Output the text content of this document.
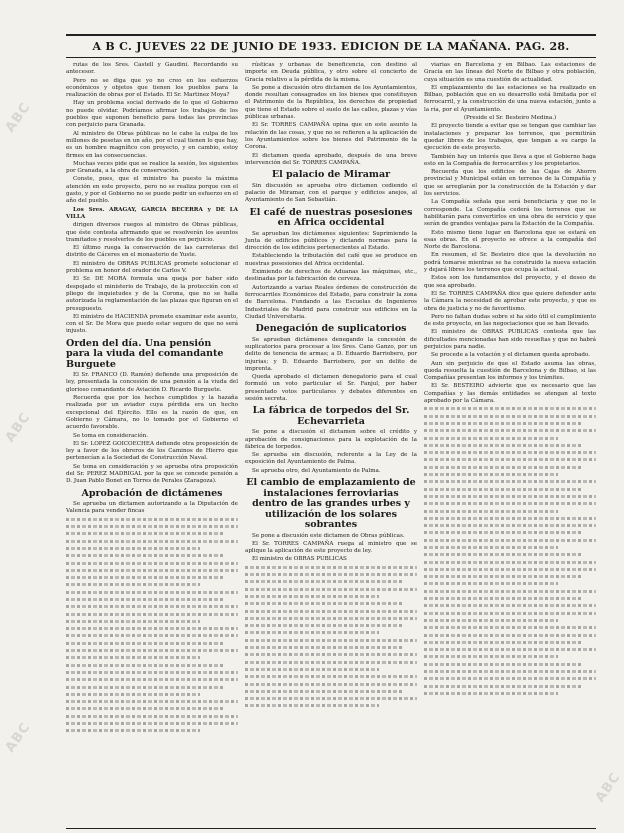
ABC
ABC
ABC
ABC
A B C. JUEVES 22 DE JUNIO DE 1933. EDICION DE LA MAÑANA. PAG. 28.

rutas de los Sres. Castell y Gaudini. Recordando su antecesor.

Pero no se diga que yo no creo en los esfuerzos económicos y objetos que tienen los pueblos para la realización de obras por el Estado. El Sr. Martinez Moya?

Hay un problema social derivado de lo que el Gobierno no puede olvidar. Podríamos afirmar los trabajos de los pueblos que suponen beneficio para todas las provincias con perjuicio para Granada.

Al ministro de Obras públicas no le cabe la culpa de los millones de pesetas en un año, por el cual tienen lo que hay, es un hombre magnífico con proyecto, y en cambio, estoy firmes en las consecuencias.

Muchas veces pide que se realice la sesión, los siguientes por Granada, a la obra de conservación.

Conste, pues, que el ministro ha puesto la máxima atención en este proyecto, pero no se realiza porque con el gasto, y por el Gobierno no se puede pedir un esfuerzo en el año del pueblo.

Los Sres. ARAGAY, GARCIA BECERRA y DE LA VILLA

dirigen diversos ruegos al ministro de Obras públicas, que éste contesta afirmando que se resolverán los asuntos tramitados y resolverlos de los pueblos en perjuicio.

El último ruega la conservación de las carreteras del distrito de Cáceres en el monasterio de Yuste.

El ministro de OBRAS PUBLICAS promete solucionar el problema en honor del orador de Carlos V.

El Sr. DE MORA formula una queja por haber sido despojado el ministerio de Trabajo, de la protección con el pliego de inquietudes y de la Corona, que no se halla autorizada la reglamentación de las plazas que figuran en el presupuesto.

El ministro de HACIENDA promete examinar este asunto, con el Sr. De Mora que puedo estar seguro de que no será injusto.

Orden del día. Una pensión para la viuda del comandante Burguete

El Sr. FRANCO (D. Ramón) defiende una proposición de ley, presentada la concesión de una pensión a la viuda del glorioso comandante de Aviación D. Ricardo Burguete.

Recuerda que por los hechos cumplidos y la hazaña realizada por un aviador cuya pérdida era un hecho excepcional del Ejército. Ello es la razón de que, en Gobierno y Cámara, no lo tomado por el Gobierno el acuerdo favorable.

Se toma en consideración.

El Sr. LOPEZ GOICOECHEA defiende otra proposición de ley a favor de los obreros de los Caminos de Hierro que pertenecían a la Sociedad de Construcción Naval.

Se toma en consideración y se aprueba otra proposición del Sr. PEREZ MADRIGAL por la que se concede pensión a D. Juan Pablo Bonet en Torres de Perales (Zaragoza).

Aprobación de dictámenes

Se aprueba un dictamen autorizando a la Diputación de Valencia para vender fincas

rústicas y urbanas de beneficencia, con destino al importe en Deuda pública, y otro sobre el concierto de Gracia relativo a la pérdida de la misma.

Se pone a discusión otro dictamen de los Ayuntamientos, donde resultan consagrados en los bienes que constituyen el Patrimonio de la República, los derechos de propiedad que tiene el Estado sobre el suelo de las calles, plazas y vías públicas urbanas.

El Sr. TORRES CAMPAÑA opina que en este asunto la relación de las cosas, y que no se refieren a la aplicación de los Ayuntamientos sobre los bienes del Patrimonio de la Corona.

El dictamen queda aprobado, después de una breve intervención del Sr. TORRES CAMPAÑA.

El palacio de Miramar

Sin discusión se aprueba otro dictamen cediendo el palacio de Miramar, con el parque y edificios anejos, al Ayuntamiento de San Sebastián.

El café de nuestras posesiones en Africa occidental

Se aprueban los dictámenes siguientes: Suprimiendo la Junta de edificios públicos y dictando normas para la dirección de los edificios pertenecientes al Estado.

Estableciendo la tributación del café que se produce en nuestras posesiones del Africa occidental.

Eximiendo de derechos de Aduanas las máquinas, etc., destinadas por la fabricación de cerveza.

Autorizando a varias Reales órdenes de construcción de ferrocarriles Económicos del Estado, para construir la zona de Barcelona. Fundando a las Escuelas de Ingenieros Industriales de Madrid para construir sus edificios en la Ciudad Universitaria.

Denegación de suplicatorios

Se aprueban dictámenes denegando la concesión de suplicatorios para procesar a los Sres. Cano Ganzo, por un delito de tenencia de armas; a D. Eduardo Barriobero, por injurias; y D. Eduardo Barriobero, por un delito de imprenta.

Queda aprobado el dictamen denegatorio para el cual formuló un voto particular el Sr. Fanjul, por haber presentado votos particulares y debates diferentes en sesión secreta.

La fábrica de torpedos del Sr. Echevarrieta

Se pone a discusión el dictamen sobre el crédito y aprobación de consignaciones para la explotación de la fábrica de torpedos.

Se aprueba sin discusión, referente a la Ley de la exposición del Ayuntamiento de Palma.

Se aprueba otro, del Ayuntamiento de Palma.

El cambio de emplazamiento de instalaciones ferroviarias dentro de las grandes urbes y utilización de los solares sobrantes

Se pone a discusión este dictamen de Obras públicas.

El Sr. TORRES CAMPAÑA ruega al ministro que se aplique la aplicación de este proyecto de ley.

El ministro de OBRAS PUBLICAS

viarias en Barcelona y en Bilbao. Las estaciones de Gracia en las líneas del Norte de Bilbao y otra población, cuya situación es una cuestión de actualidad.

El emplazamiento de las estaciones se ha realizado en Bilbao, población que en su desarrollo está limitada por el ferrocarril, y la construcción de una nueva estación, junto a la ría, por el Ayuntamiento.

(Preside el Sr. Besteiro Medina.)

El proyecto tiende a evitar que se tengan que cambiar las instalaciones y preparar los terrenos, que permitirán quedar libres de los trabajos, que tengan a su cargo la ejecución de este proyecto.

También hay un interés que lleva a que el Gobierno haga esto en la Compañía de ferrocarriles y los propietarios.

Recuerda que los edificios de las Cajas de Ahorro provincial y Municipal están en terrenos de la Compañía y que se arreglarán por la construcción de la Estación y dar los servicios.

La Compañía señala que será beneficiaria y que no le corresponde. La Compañía cederá los terrenos que se habilitarán para convertirlos en una obra de servicio y que serán de grandes ventajas para la Estación de la Compañía.

Esto mismo tiene lugar en Barcelona que se estará en esas obras. En el proyecto se ofrece a la compañía del Norte de Barcelona.

En resumen, el Sr. Besteiro dice que la devolución no podrá tomarse mientras se ha construido la nueva estación y dejará libres los terrenos que ocupa la actual.

Estos son los fundamentos del proyecto, y el deseo de que sea aprobado.

El Sr. TORRES CAMPAÑA dice que quiere defender ante la Cámara la necesidad de aprobar este proyecto, y que es obra de justicia y no de favoritismo.

Pero no faltan dudas sobre si ha sido útil el cumplimiento de este proyecto, en las negociaciones que se han llevado.

El ministro de OBRAS PUBLICAS contesta que las dificultades mencionadas han sido resueltas y que no habrá perjuicios para nadie.

Se procede a la votación y el dictamen queda aprobado.

Aun sin perjuicio de que el Estado asuma las obras, queda resuelta la cuestión de Barcelona y de Bilbao, si las Compañías presentan los informes y los trámites.

El Sr. BESTEIRO advierte que es necesario que las Compañías y las demás entidades se atengan al texto aprobado por la Cámara.
